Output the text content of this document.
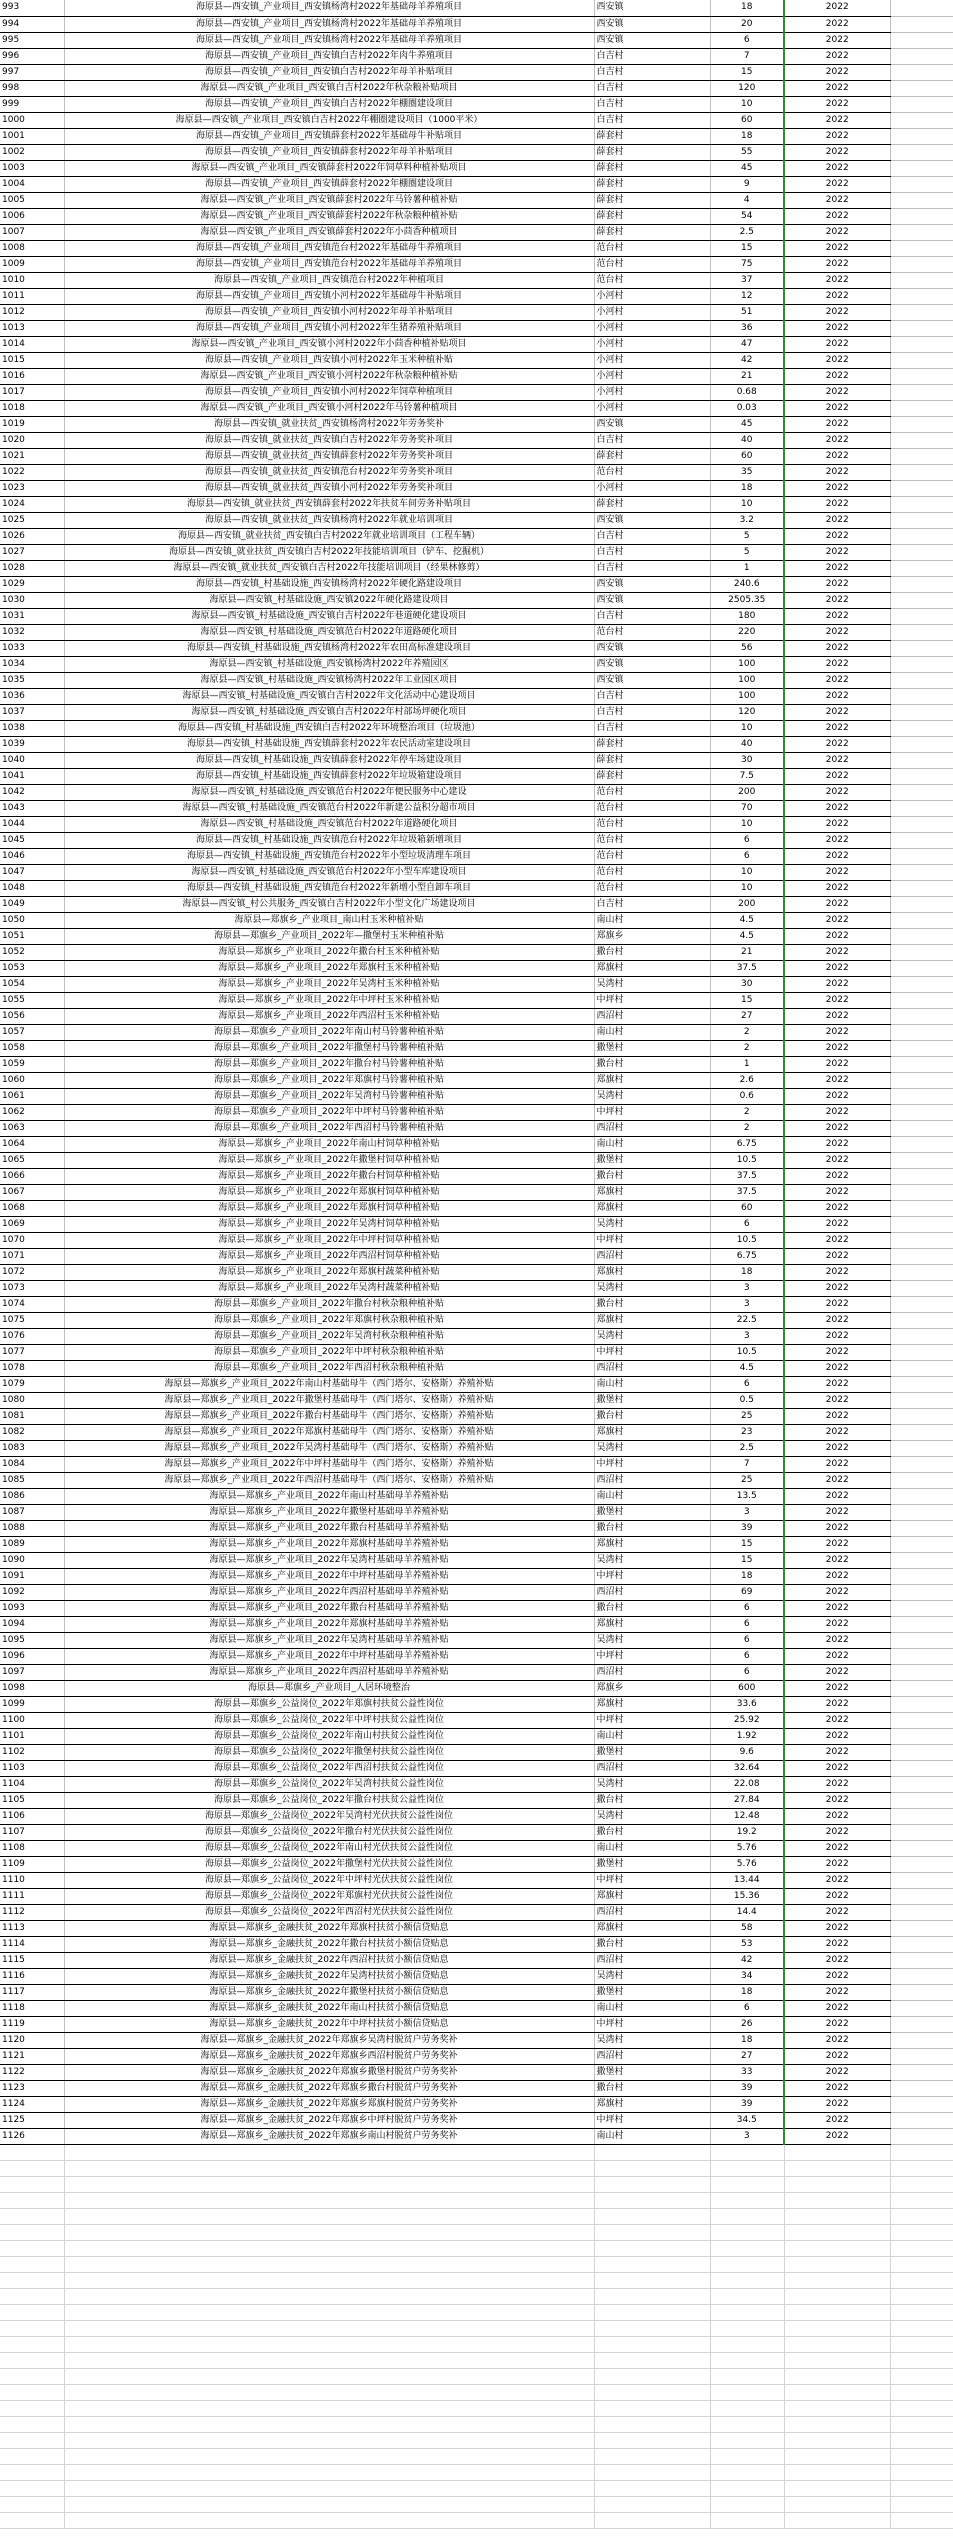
993	海原县—西安镇_产业项目_西安镇杨湾村2022年基础母羊养殖项目	西安镇	18	2022	
994	海原县—西安镇_产业项目_西安镇杨湾村2022年基础母羊养殖项目	西安镇	20	2022	
995	海原县—西安镇_产业项目_西安镇杨湾村2022年基础母羊养殖项目	西安镇	6	2022	
996	海原县—西安镇_产业项目_西安镇白吉村2022年肉牛养殖项目	白吉村	7	2022	
997	海原县—西安镇_产业项目_西安镇白吉村2022年母羊补贴项目	白吉村	15	2022	
998	海原县—西安镇_产业项目_西安镇白吉村2022年秋杂粮补贴项目	白吉村	120	2022	
999	海原县—西安镇_产业项目_西安镇白吉村2022年棚圈建设项目	白吉村	10	2022	
1000	海原县—西安镇_产业项目_西安镇白吉村2022年棚圈建设项目（1000平米）	白吉村	60	2022	
1001	海原县—西安镇_产业项目_西安镇薛套村2022年基础母牛补贴项目	薛套村	18	2022	
1002	海原县—西安镇_产业项目_西安镇薛套村2022年母羊补贴项目	薛套村	55	2022	
1003	海原县—西安镇_产业项目_西安镇薛套村2022年饲草料种植补贴项目	薛套村	45	2022	
1004	海原县—西安镇_产业项目_西安镇薛套村2022年棚圈建设项目	薛套村	9	2022	
1005	海原县—西安镇_产业项目_西安镇薛套村2022年马铃薯种植补贴	薛套村	4	2022	
1006	海原县—西安镇_产业项目_西安镇薛套村2022年秋杂粮种植补贴	薛套村	54	2022	
1007	海原县—西安镇_产业项目_西安镇薛套村2022年小茴香种植项目	薛套村	2.5	2022	
1008	海原县—西安镇_产业项目_西安镇范台村2022年基础母牛养殖项目	范台村	15	2022	
1009	海原县—西安镇_产业项目_西安镇范台村2022年基础母羊养殖项目	范台村	75	2022	
1010	海原县—西安镇_产业项目_西安镇范台村2022年种植项目	范台村	37	2022	
1011	海原县—西安镇_产业项目_西安镇小河村2022年基础母牛补贴项目	小河村	12	2022	
1012	海原县—西安镇_产业项目_西安镇小河村2022年母羊补贴项目	小河村	51	2022	
1013	海原县—西安镇_产业项目_西安镇小河村2022年生猪养殖补贴项目	小河村	36	2022	
1014	海原县—西安镇_产业项目_西安镇小河村2022年小茴香种植补贴项目	小河村	47	2022	
1015	海原县—西安镇_产业项目_西安镇小河村2022年玉米种植补贴	小河村	42	2022	
1016	海原县—西安镇_产业项目_西安镇小河村2022年秋杂粮种植补贴	小河村	21	2022	
1017	海原县—西安镇_产业项目_西安镇小河村2022年饲草种植项目	小河村	0.68	2022	
1018	海原县—西安镇_产业项目_西安镇小河村2022年马铃薯种植项目	小河村	0.03	2022	
1019	海原县—西安镇_就业扶贫_西安镇杨湾村2022年劳务奖补	西安镇	45	2022	
1020	海原县—西安镇_就业扶贫_西安镇白吉村2022年劳务奖补项目	白吉村	40	2022	
1021	海原县—西安镇_就业扶贫_西安镇薛套村2022年劳务奖补项目	薛套村	60	2022	
1022	海原县—西安镇_就业扶贫_西安镇范台村2022年劳务奖补项目	范台村	35	2022	
1023	海原县—西安镇_就业扶贫_西安镇小河村2022年劳务奖补项目	小河村	18	2022	
1024	海原县—西安镇_就业扶贫_西安镇薛套村2022年扶贫车间劳务补贴项目	薛套村	10	2022	
1025	海原县—西安镇_就业扶贫_西安镇杨湾村2022年就业培训项目	西安镇	3.2	2022	
1026	海原县—西安镇_就业扶贫_西安镇白吉村2022年就业培训项目（工程车辆）	白吉村	5	2022	
1027	海原县—西安镇_就业扶贫_西安镇白吉村2022年技能培训项目（铲车、挖掘机）	白吉村	5	2022	
1028	海原县—西安镇_就业扶贫_西安镇白吉村2022年技能培训项目（经果林修剪）	白吉村	1	2022	
1029	海原县—西安镇_村基础设施_西安镇杨湾村2022年硬化路建设项目	西安镇	240.6	2022	
1030	海原县—西安镇_村基础设施_西安镇2022年硬化路建设项目	西安镇	2505.35	2022	
1031	海原县—西安镇_村基础设施_西安镇白吉村2022年巷道硬化建设项目	白吉村	180	2022	
1032	海原县—西安镇_村基础设施_西安镇范台村2022年道路硬化项目	范台村	220	2022	
1033	海原县—西安镇_村基础设施_西安镇杨湾村2022年农田高标准建设项目	西安镇	56	2022	
1034	海原县—西安镇_村基础设施_西安镇杨湾村2022年养殖园区	西安镇	100	2022	
1035	海原县—西安镇_村基础设施_西安镇杨湾村2022年工业园区项目	西安镇	100	2022	
1036	海原县—西安镇_村基础设施_西安镇白吉村2022年文化活动中心建设项目	白吉村	100	2022	
1037	海原县—西安镇_村基础设施_西安镇白吉村2022年村部场坪硬化项目	白吉村	120	2022	
1038	海原县—西安镇_村基础设施_西安镇白吉村2022年环境整治项目（垃圾池）	白吉村	10	2022	
1039	海原县—西安镇_村基础设施_西安镇薛套村2022年农民活动室建设项目	薛套村	40	2022	
1040	海原县—西安镇_村基础设施_西安镇薛套村2022年停车场建设项目	薛套村	30	2022	
1041	海原县—西安镇_村基础设施_西安镇薛套村2022年垃圾箱建设项目	薛套村	7.5	2022	
1042	海原县—西安镇_村基础设施_西安镇范台村2022年便民服务中心建设	范台村	200	2022	
1043	海原县—西安镇_村基础设施_西安镇范台村2022年新建公益积分超市项目	范台村	70	2022	
1044	海原县—西安镇_村基础设施_西安镇范台村2022年道路硬化项目	范台村	10	2022	
1045	海原县—西安镇_村基础设施_西安镇范台村2022年垃圾箱新增项目	范台村	6	2022	
1046	海原县—西安镇_村基础设施_西安镇范台村2022年小型垃圾清理车项目	范台村	6	2022	
1047	海原县—西安镇_村基础设施_西安镇范台村2022年小型车库建设项目	范台村	10	2022	
1048	海原县—西安镇_村基础设施_西安镇范台村2022年新增小型自卸车项目	范台村	10	2022	
1049	海原县—西安镇_村公共服务_西安镇白吉村2022年小型文化广场建设项目	白吉村	200	2022	
1050	海原县—郑旗乡_产业项目_南山村玉米种植补贴	南山村	4.5	2022	
1051	海原县—郑旗乡_产业项目_2022年—撒堡村玉米种植补贴	郑旗乡	4.5	2022	
1052	海原县—郑旗乡_产业项目_2022年撒台村玉米种植补贴	撒台村	21	2022	
1053	海原县—郑旗乡_产业项目_2022年郑旗村玉米种植补贴	郑旗村	37.5	2022	
1054	海原县—郑旗乡_产业项目_2022年吴湾村玉米种植补贴	吴湾村	30	2022	
1055	海原县—郑旗乡_产业项目_2022年中坪村玉米种植补贴	中坪村	15	2022	
1056	海原县—郑旗乡_产业项目_2022年西沼村玉米种植补贴	西沼村	27	2022	
1057	海原县—郑旗乡_产业项目_2022年南山村马铃薯种植补贴	南山村	2	2022	
1058	海原县—郑旗乡_产业项目_2022年撒堡村马铃薯种植补贴	撒堡村	2	2022	
1059	海原县—郑旗乡_产业项目_2022年撒台村马铃薯种植补贴	撒台村	1	2022	
1060	海原县—郑旗乡_产业项目_2022年郑旗村马铃薯种植补贴	郑旗村	2.6	2022	
1061	海原县—郑旗乡_产业项目_2022年吴湾村马铃薯种植补贴	吴湾村	0.6	2022	
1062	海原县—郑旗乡_产业项目_2022年中坪村马铃薯种植补贴	中坪村	2	2022	
1063	海原县—郑旗乡_产业项目_2022年西沼村马铃薯种植补贴	西沼村	2	2022	
1064	海原县—郑旗乡_产业项目_2022年南山村饲草种植补贴	南山村	6.75	2022	
1065	海原县—郑旗乡_产业项目_2022年撒堡村饲草种植补贴	撒堡村	10.5	2022	
1066	海原县—郑旗乡_产业项目_2022年撒台村饲草种植补贴	撒台村	37.5	2022	
1067	海原县—郑旗乡_产业项目_2022年郑旗村饲草种植补贴	郑旗村	37.5	2022	
1068	海原县—郑旗乡_产业项目_2022年郑旗村饲草种植补贴	郑旗村	60	2022	
1069	海原县—郑旗乡_产业项目_2022年吴湾村饲草种植补贴	吴湾村	6	2022	
1070	海原县—郑旗乡_产业项目_2022年中坪村饲草种植补贴	中坪村	10.5	2022	
1071	海原县—郑旗乡_产业项目_2022年西沼村饲草种植补贴	西沼村	6.75	2022	
1072	海原县—郑旗乡_产业项目_2022年郑旗村蔬菜种植补贴	郑旗村	18	2022	
1073	海原县—郑旗乡_产业项目_2022年吴湾村蔬菜种植补贴	吴湾村	3	2022	
1074	海原县—郑旗乡_产业项目_2022年撒台村秋杂粮种植补贴	撒台村	3	2022	
1075	海原县—郑旗乡_产业项目_2022年郑旗村秋杂粮种植补贴	郑旗村	22.5	2022	
1076	海原县—郑旗乡_产业项目_2022年吴湾村秋杂粮种植补贴	吴湾村	3	2022	
1077	海原县—郑旗乡_产业项目_2022年中坪村秋杂粮种植补贴	中坪村	10.5	2022	
1078	海原县—郑旗乡_产业项目_2022年西沼村秋杂粮种植补贴	西沼村	4.5	2022	
1079	海原县—郑旗乡_产业项目_2022年南山村基础母牛（西门塔尔、安格斯）养殖补贴	南山村	6	2022	
1080	海原县—郑旗乡_产业项目_2022年撒堡村基础母牛（西门塔尔、安格斯）养殖补贴	撒堡村	0.5	2022	
1081	海原县—郑旗乡_产业项目_2022年撒台村基础母牛（西门塔尔、安格斯）养殖补贴	撒台村	25	2022	
1082	海原县—郑旗乡_产业项目_2022年郑旗村基础母牛（西门塔尔、安格斯）养殖补贴	郑旗村	23	2022	
1083	海原县—郑旗乡_产业项目_2022年吴湾村基础母牛（西门塔尔、安格斯）养殖补贴	吴湾村	2.5	2022	
1084	海原县—郑旗乡_产业项目_2022年中坪村基础母牛（西门塔尔、安格斯）养殖补贴	中坪村	7	2022	
1085	海原县—郑旗乡_产业项目_2022年西沼村基础母牛（西门塔尔、安格斯）养殖补贴	西沼村	25	2022	
1086	海原县—郑旗乡_产业项目_2022年南山村基础母羊养殖补贴	南山村	13.5	2022	
1087	海原县—郑旗乡_产业项目_2022年撒堡村基础母羊养殖补贴	撒堡村	3	2022	
1088	海原县—郑旗乡_产业项目_2022年撒台村基础母羊养殖补贴	撒台村	39	2022	
1089	海原县—郑旗乡_产业项目_2022年郑旗村基础母羊养殖补贴	郑旗村	15	2022	
1090	海原县—郑旗乡_产业项目_2022年吴湾村基础母羊养殖补贴	吴湾村	15	2022	
1091	海原县—郑旗乡_产业项目_2022年中坪村基础母羊养殖补贴	中坪村	18	2022	
1092	海原县—郑旗乡_产业项目_2022年西沼村基础母羊养殖补贴	西沼村	69	2022	
1093	海原县—郑旗乡_产业项目_2022年撒台村基础母羊养殖补贴	撒台村	6	2022	
1094	海原县—郑旗乡_产业项目_2022年郑旗村基础母羊养殖补贴	郑旗村	6	2022	
1095	海原县—郑旗乡_产业项目_2022年吴湾村基础母羊养殖补贴	吴湾村	6	2022	
1096	海原县—郑旗乡_产业项目_2022年中坪村基础母羊养殖补贴	中坪村	6	2022	
1097	海原县—郑旗乡_产业项目_2022年西沼村基础母羊养殖补贴	西沼村	6	2022	
1098	海原县—郑旗乡_产业项目_人居环境整治	郑旗乡	600	2022	
1099	海原县—郑旗乡_公益岗位_2022年郑旗村扶贫公益性岗位	郑旗村	33.6	2022	
1100	海原县—郑旗乡_公益岗位_2022年中坪村扶贫公益性岗位	中坪村	25.92	2022	
1101	海原县—郑旗乡_公益岗位_2022年南山村扶贫公益性岗位	南山村	1.92	2022	
1102	海原县—郑旗乡_公益岗位_2022年撒堡村扶贫公益性岗位	撒堡村	9.6	2022	
1103	海原县—郑旗乡_公益岗位_2022年西沼村扶贫公益性岗位	西沼村	32.64	2022	
1104	海原县—郑旗乡_公益岗位_2022年吴湾村扶贫公益性岗位	吴湾村	22.08	2022	
1105	海原县—郑旗乡_公益岗位_2022年撒台村扶贫公益性岗位	撒台村	27.84	2022	
1106	海原县—郑旗乡_公益岗位_2022年吴湾村光伏扶贫公益性岗位	吴湾村	12.48	2022	
1107	海原县—郑旗乡_公益岗位_2022年撒台村光伏扶贫公益性岗位	撒台村	19.2	2022	
1108	海原县—郑旗乡_公益岗位_2022年南山村光伏扶贫公益性岗位	南山村	5.76	2022	
1109	海原县—郑旗乡_公益岗位_2022年撒堡村光伏扶贫公益性岗位	撒堡村	5.76	2022	
1110	海原县—郑旗乡_公益岗位_2022年中坪村光伏扶贫公益性岗位	中坪村	13.44	2022	
1111	海原县—郑旗乡_公益岗位_2022年郑旗村光伏扶贫公益性岗位	郑旗村	15.36	2022	
1112	海原县—郑旗乡_公益岗位_2022年西沼村光伏扶贫公益性岗位	西沼村	14.4	2022	
1113	海原县—郑旗乡_金融扶贫_2022年郑旗村扶贫小额信贷贴息	郑旗村	58	2022	
1114	海原县—郑旗乡_金融扶贫_2022年撒台村扶贫小额信贷贴息	撒台村	53	2022	
1115	海原县—郑旗乡_金融扶贫_2022年西沼村扶贫小额信贷贴息	西沼村	42	2022	
1116	海原县—郑旗乡_金融扶贫_2022年吴湾村扶贫小额信贷贴息	吴湾村	34	2022	
1117	海原县—郑旗乡_金融扶贫_2022年撒堡村扶贫小额信贷贴息	撒堡村	18	2022	
1118	海原县—郑旗乡_金融扶贫_2022年南山村扶贫小额信贷贴息	南山村	6	2022	
1119	海原县—郑旗乡_金融扶贫_2022年中坪村扶贫小额信贷贴息	中坪村	26	2022	
1120	海原县—郑旗乡_金融扶贫_2022年郑旗乡吴湾村脱贫户劳务奖补	吴湾村	18	2022	
1121	海原县—郑旗乡_金融扶贫_2022年郑旗乡西沼村脱贫户劳务奖补	西沼村	27	2022	
1122	海原县—郑旗乡_金融扶贫_2022年郑旗乡撒堡村脱贫户劳务奖补	撒堡村	33	2022	
1123	海原县—郑旗乡_金融扶贫_2022年郑旗乡撒台村脱贫户劳务奖补	撒台村	39	2022	
1124	海原县—郑旗乡_金融扶贫_2022年郑旗乡郑旗村脱贫户劳务奖补	郑旗村	39	2022	
1125	海原县—郑旗乡_金融扶贫_2022年郑旗乡中坪村脱贫户劳务奖补	中坪村	34.5	2022	
1126	海原县—郑旗乡_金融扶贫_2022年郑旗乡南山村脱贫户劳务奖补	南山村	3	2022	
